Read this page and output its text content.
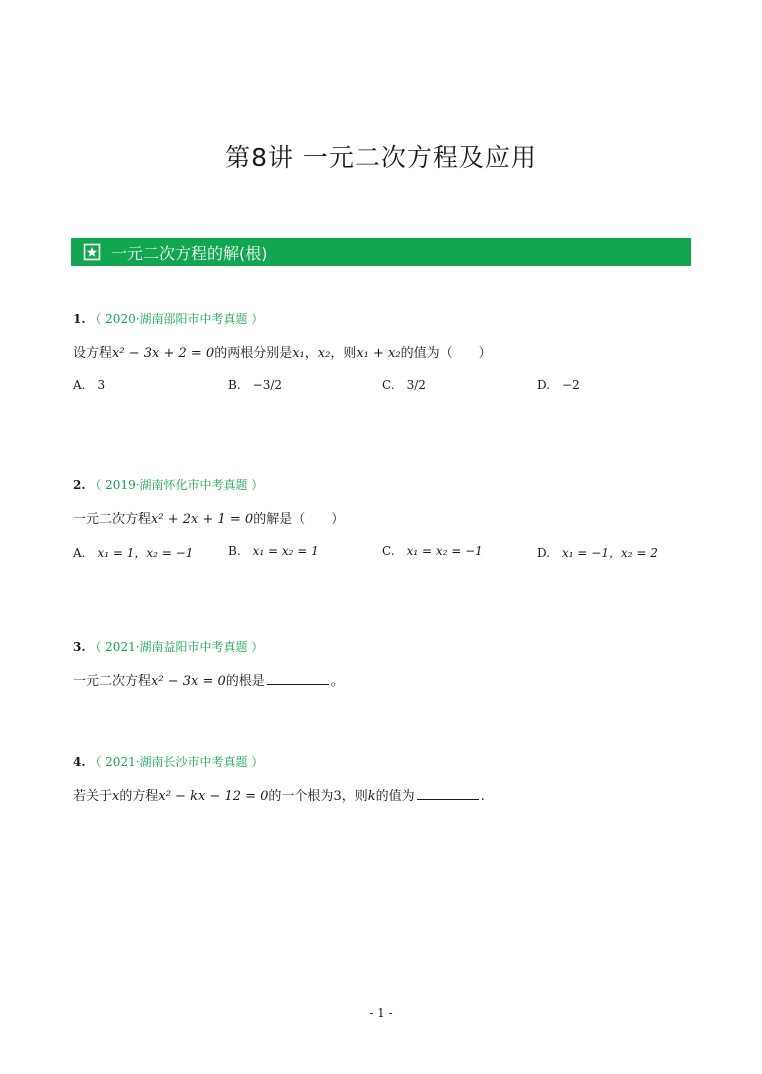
第8讲 一元二次方程及应用
一元二次方程的解(根)
1. （ 2020·湖南邵阳市中考真题 ）
设方程x² − 3x + 2 = 0的两根分别是x₁，x₂，则x₁ + x₂的值为（　　）
A. 3	B. −3/2	C. 3/2	D. −2
2. （ 2019·湖南怀化市中考真题 ）
一元二次方程x² + 2x + 1 = 0的解是（　　）
A. x₁ = 1，x₂ = −1	B. x₁ = x₂ = 1	C. x₁ = x₂ = −1	D. x₁ = −1，x₂ = 2
3. （ 2021·湖南益阳市中考真题 ）
一元二次方程x² − 3x = 0的根是	。
4. （ 2021·湖南长沙市中考真题 ）
若关于x的方程x² − kx − 12 = 0的一个根为3，则k的值为	.
- 1 -
